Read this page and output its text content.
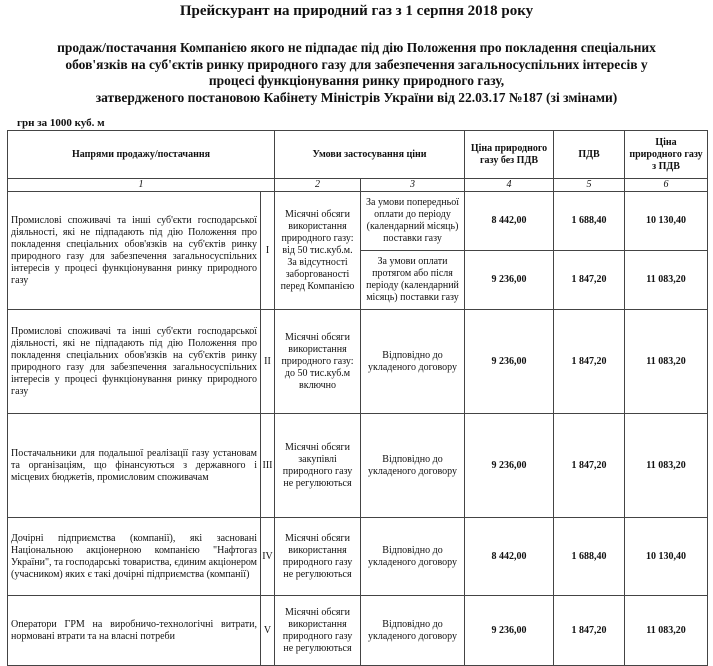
Прейскурант на природний газ з 1 серпня 2018 року
продаж/постачання Компанією якого не підпадає під дію Положення про покладення спеціальних
обов'язків на суб'єктів ринку природного газу для забезпечення загальносуспільних інтересів у
процесі функціонування ринку природного газу,
затвердженого постановою Кабінету Міністрів України від 22.03.17 №187 (зі змінами)
грн за 1000 куб. м
Напрями продажу/постачання		Умови застосування ціни		Ціна природного газу без ПДВ	ПДВ	Ціна природного газу з ПДВ
1		2	3	4	5	6
Промислові споживачі та інші суб'єкти господарської діяльності, які не підпадають під дію Положення про покладення спеціальних обов'язків на суб'єктів ринку природного газу для забезпечення загальносуспільних інтересів у процесі функціонування ринку природного газу	I	Місячні обсяги використання природного газу: від 50 тис.куб.м. За відсутності заборгованості перед Компанією	За умови попередньої оплати до періоду (календарний місяць) поставки газу	8 442,00	1 688,40	10 130,40
			За умови оплати протягом або після періоду (календарний місяць) поставки газу	9 236,00	1 847,20	11 083,20
Промислові споживачі та інші суб'єкти господарської діяльності, які не підпадають під дію Положення про покладення спеціальних обов'язків на суб'єктів ринку природного газу для забезпечення загальносуспільних інтересів у процесі функціонування ринку природного газу	II	Місячні обсяги використання природного газу: до 50 тис.куб.м включно	Відповідно до укладеного договору	9 236,00	1 847,20	11 083,20
Постачальники для подальшої реалізації газу установам та організаціям, що фінансуються з державного і місцевих бюджетів, промисловим споживачам	III	Місячні обсяги закупівлі природного газу не регулюються	Відповідно до укладеного договору	9 236,00	1 847,20	11 083,20
Дочірні підприємства (компанії), які засновані Національною акціонерною компанією "Нафтогаз України", та господарські товариства, єдиним акціонером (учасником) яких є такі дочірні підприємства (компанії)	IV	Місячні обсяги використання природного газу не регулюються	Відповідно до укладеного договору	8 442,00	1 688,40	10 130,40
Оператори ГРМ на виробничо-технологічні витрати, нормовані втрати та на власні потреби	V	Місячні обсяги використання природного газу не регулюються	Відповідно до укладеного договору	9 236,00	1 847,20	11 083,20
